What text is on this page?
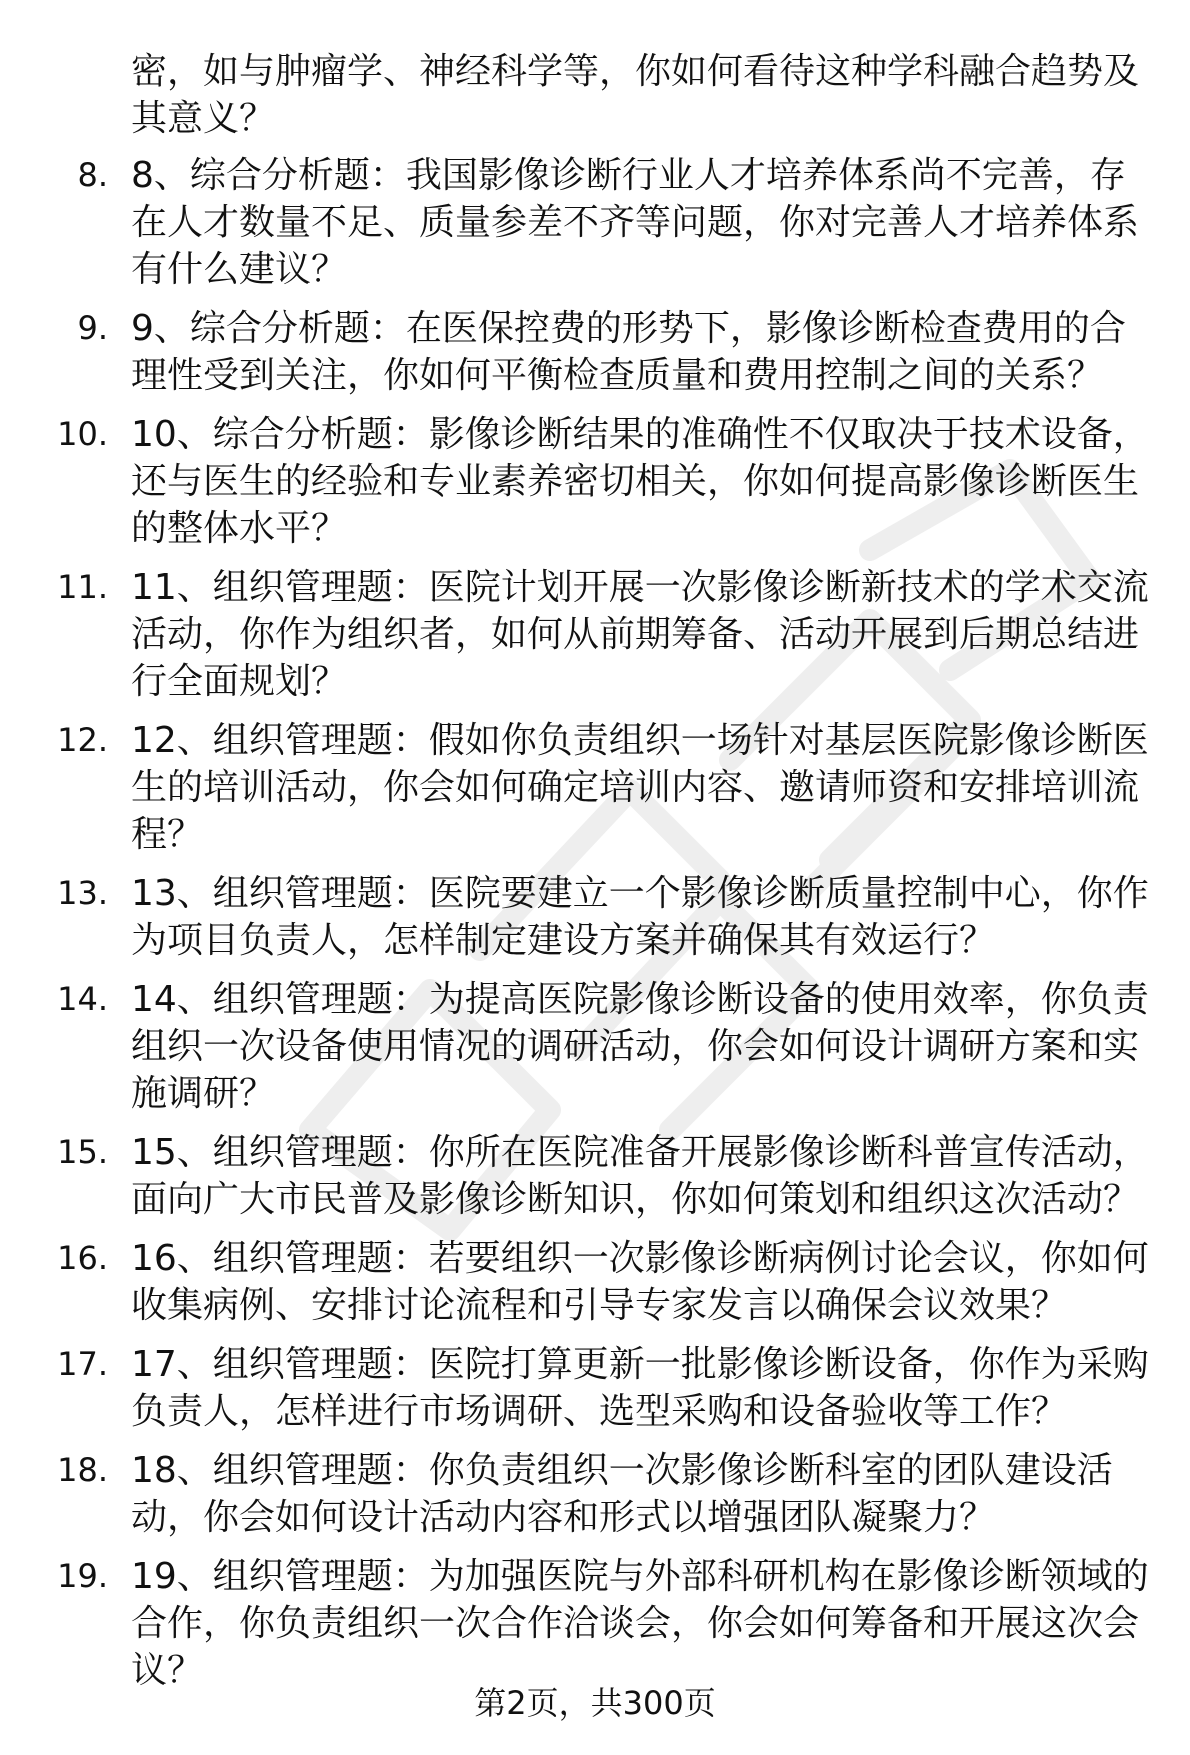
密，如与肿瘤学、神经科学等，你如何看待这种学科融合趋势及其意义？
8. 8、综合分析题：我国影像诊断行业人才培养体系尚不完善，存在人才数量不足、质量参差不齐等问题，你对完善人才培养体系有什么建议？
9. 9、综合分析题：在医保控费的形势下，影像诊断检查费用的合理性受到关注，你如何平衡检查质量和费用控制之间的关系？
10. 10、综合分析题：影像诊断结果的准确性不仅取决于技术设备，还与医生的经验和专业素养密切相关，你如何提高影像诊断医生的整体水平？
11. 11、组织管理题：医院计划开展一次影像诊断新技术的学术交流活动，你作为组织者，如何从前期筹备、活动开展到后期总结进行全面规划？
12. 12、组织管理题：假如你负责组织一场针对基层医院影像诊断医生的培训活动，你会如何确定培训内容、邀请师资和安排培训流程？
13. 13、组织管理题：医院要建立一个影像诊断质量控制中心，你作为项目负责人，怎样制定建设方案并确保其有效运行？
14. 14、组织管理题：为提高医院影像诊断设备的使用效率，你负责组织一次设备使用情况的调研活动，你会如何设计调研方案和实施调研？
15. 15、组织管理题：你所在医院准备开展影像诊断科普宣传活动，面向广大市民普及影像诊断知识，你如何策划和组织这次活动？
16. 16、组织管理题：若要组织一次影像诊断病例讨论会议，你如何收集病例、安排讨论流程和引导专家发言以确保会议效果？
17. 17、组织管理题：医院打算更新一批影像诊断设备，你作为采购负责人，怎样进行市场调研、选型采购和设备验收等工作？
18. 18、组织管理题：你负责组织一次影像诊断科室的团队建设活动，你会如何设计活动内容和形式以增强团队凝聚力？
19. 19、组织管理题：为加强医院与外部科研机构在影像诊断领域的合作，你负责组织一次合作洽谈会，你会如何筹备和开展这次会议？
第2页，共300页
